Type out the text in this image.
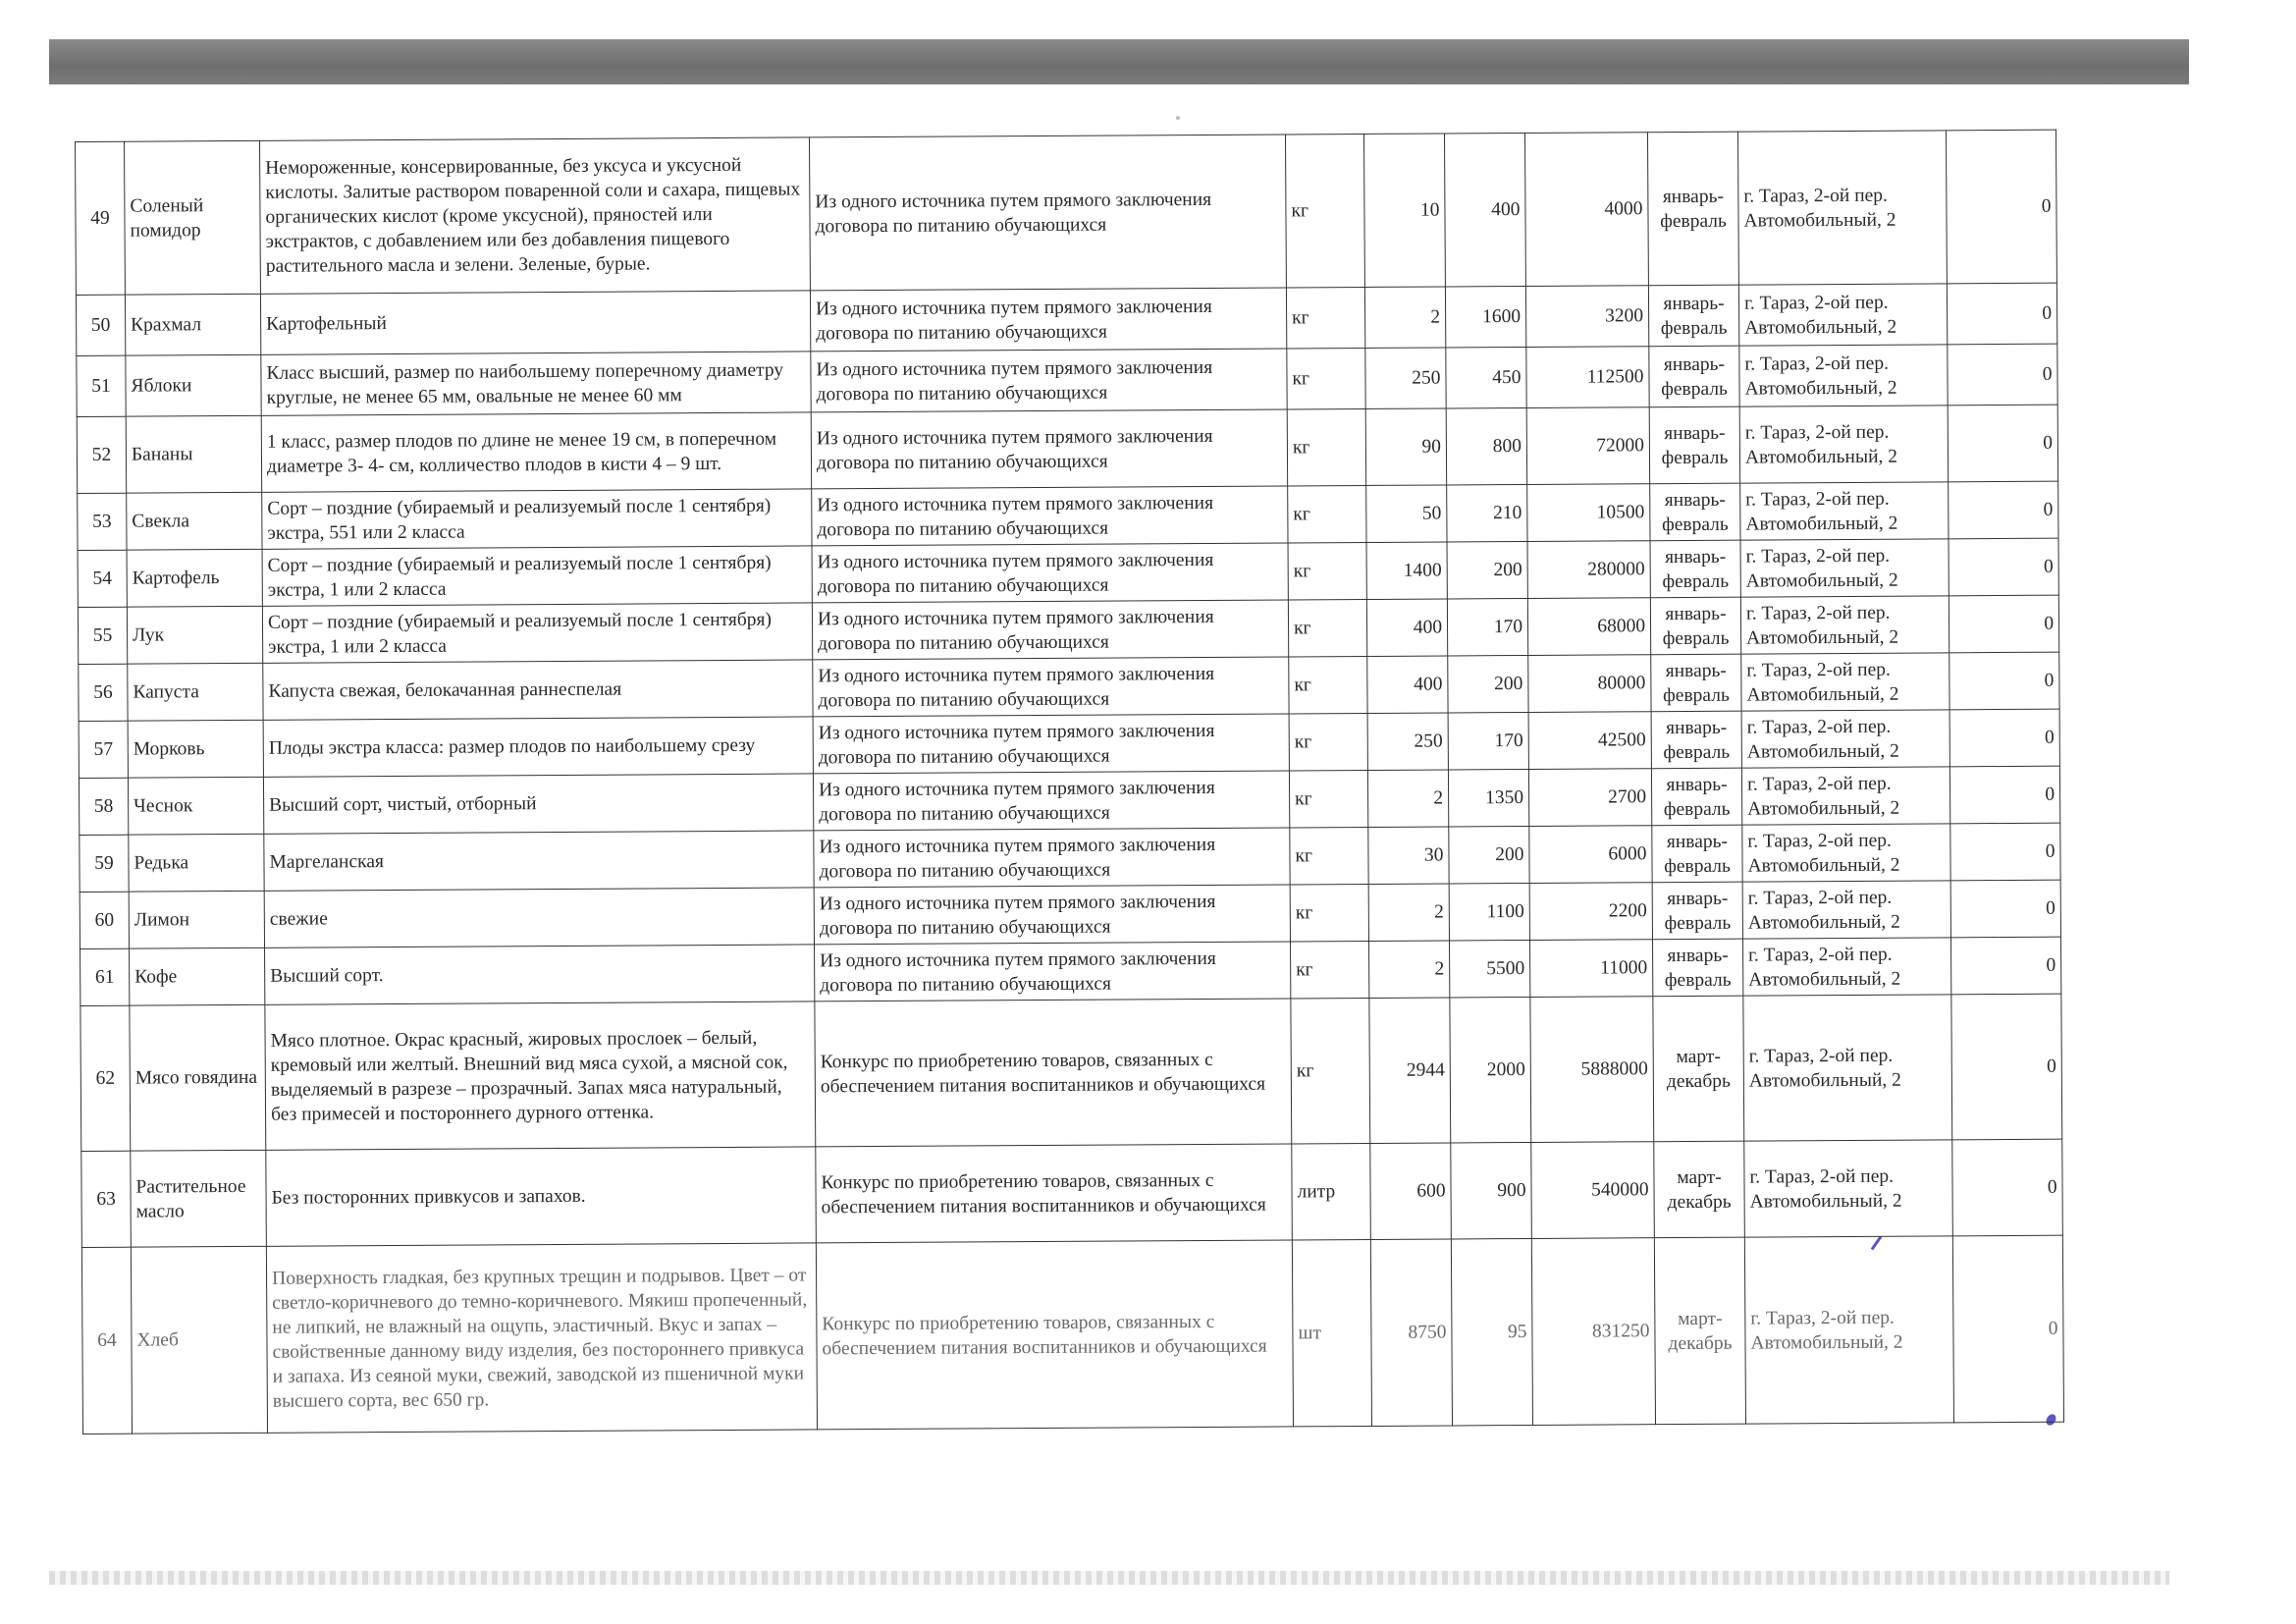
49	Соленый помидор	Немороженные, консервированные, без уксуса и уксусной кислоты. Залитые раствором поваренной соли и сахара, пищевых органических кислот (кроме уксусной), пряностей или экстрактов, с добавлением или без добавления пищевого растительного масла и зелени. Зеленые, бурые.	Из одного источника путем прямого заключения договора по питанию обучающихся	кг	10	400	4000	январь-февраль	г. Тараз, 2-ой пер. Автомобильный, 2	0
50	Крахмал	Картофельный	Из одного источника путем прямого заключения договора по питанию обучающихся	кг	2	1600	3200	январь-февраль	г. Тараз, 2-ой пер. Автомобильный, 2	0
51	Яблоки	Класс высший, размер по наибольшему поперечному диаметру круглые, не менее 65 мм, овальные не менее 60 мм	Из одного источника путем прямого заключения договора по питанию обучающихся	кг	250	450	112500	январь-февраль	г. Тараз, 2-ой пер. Автомобильный, 2	0
52	Бананы	1 класс, размер плодов по длине не менее 19 см, в поперечном диаметре 3- 4- см, колличество плодов в кисти 4 – 9 шт.	Из одного источника путем прямого заключения договора по питанию обучающихся	кг	90	800	72000	январь-февраль	г. Тараз, 2-ой пер. Автомобильный, 2	0
53	Свекла	Сорт – поздние (убираемый и реализуемый после 1 сентября) экстра, 551 или 2 класса	Из одного источника путем прямого заключения договора по питанию обучающихся	кг	50	210	10500	январь-февраль	г. Тараз, 2-ой пер. Автомобильный, 2	0
54	Картофель	Сорт – поздние (убираемый и реализуемый после 1 сентября) экстра, 1 или 2 класса	Из одного источника путем прямого заключения договора по питанию обучающихся	кг	1400	200	280000	январь-февраль	г. Тараз, 2-ой пер. Автомобильный, 2	0
55	Лук	Сорт – поздние (убираемый и реализуемый после 1 сентября) экстра, 1 или 2 класса	Из одного источника путем прямого заключения договора по питанию обучающихся	кг	400	170	68000	январь-февраль	г. Тараз, 2-ой пер. Автомобильный, 2	0
56	Капуста	Капуста свежая, белокачанная раннеспелая	Из одного источника путем прямого заключения договора по питанию обучающихся	кг	400	200	80000	январь-февраль	г. Тараз, 2-ой пер. Автомобильный, 2	0
57	Морковь	Плоды экстра класса: размер плодов по наибольшему срезу	Из одного источника путем прямого заключения договора по питанию обучающихся	кг	250	170	42500	январь-февраль	г. Тараз, 2-ой пер. Автомобильный, 2	0
58	Чеснок	Высший сорт, чистый, отборный	Из одного источника путем прямого заключения договора по питанию обучающихся	кг	2	1350	2700	январь-февраль	г. Тараз, 2-ой пер. Автомобильный, 2	0
59	Редька	Маргеланская	Из одного источника путем прямого заключения договора по питанию обучающихся	кг	30	200	6000	январь-февраль	г. Тараз, 2-ой пер. Автомобильный, 2	0
60	Лимон	свежие	Из одного источника путем прямого заключения договора по питанию обучающихся	кг	2	1100	2200	январь-февраль	г. Тараз, 2-ой пер. Автомобильный, 2	0
61	Кофе	Высший сорт.	Из одного источника путем прямого заключения договора по питанию обучающихся	кг	2	5500	11000	январь-февраль	г. Тараз, 2-ой пер. Автомобильный, 2	0
62	Мясо говядина	Мясо плотное. Окрас красный, жировых прослоек – белый, кремовый или желтый. Внешний вид мяса сухой, а мясной сок, выделяемый в разрезе – прозрачный. Запах мяса натуральный, без примесей и постороннего дурного оттенка.	Конкурс по приобретению товаров, связанных с обеспечением питания воспитанников и обучающихся	кг	2944	2000	5888000	март-декабрь	г. Тараз, 2-ой пер. Автомобильный, 2	0
63	Растительное масло	Без посторонних привкусов и запахов.	Конкурс по приобретению товаров, связанных с обеспечением питания воспитанников и обучающихся	литр	600	900	540000	март-декабрь	г. Тараз, 2-ой пер. Автомобильный, 2	0
64	Хлеб	Поверхность гладкая, без крупных трещин и подрывов. Цвет – от светло-коричневого до темно-коричневого. Мякиш пропеченный, не липкий, не влажный на ощупь, эластичный. Вкус и запах – свойственные данному виду изделия, без постороннего привкуса и запаха. Из сеяной муки, свежий, заводской из пшеничной муки высшего сорта, вес 650 гр.	Конкурс по приобретению товаров, связанных с обеспечением питания воспитанников и обучающихся	шт	8750	95	831250	март-декабрь	г. Тараз, 2-ой пер. Автомобильный, 2	0
